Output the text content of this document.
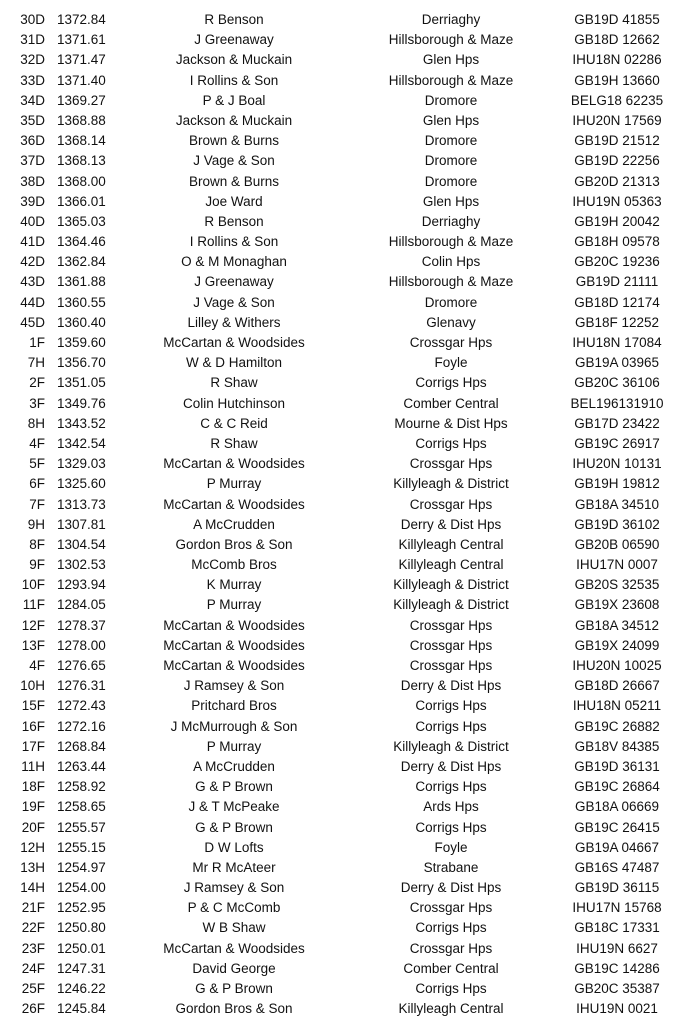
30D 1372.84	R Benson	Derriaghy	GB19D 41855
31D 1371.61	J Greenaway	Hillsborough & Maze	GB18D 12662
32D 1371.47	Jackson & Muckain	Glen Hps	IHU18N 02286
33D 1371.40	I Rollins & Son	Hillsborough & Maze	GB19H 13660
34D 1369.27	P & J Boal	Dromore	BELG18 62235
35D 1368.88	Jackson & Muckain	Glen Hps	IHU20N 17569
36D 1368.14	Brown & Burns	Dromore	GB19D 21512
37D 1368.13	J Vage & Son	Dromore	GB19D 22256
38D 1368.00	Brown & Burns	Dromore	GB20D 21313
39D 1366.01	Joe Ward	Glen Hps	IHU19N 05363
40D 1365.03	R Benson	Derriaghy	GB19H 20042
41D 1364.46	I Rollins & Son	Hillsborough & Maze	GB18H 09578
42D 1362.84	O & M Monaghan	Colin Hps	GB20C 19236
43D 1361.88	J Greenaway	Hillsborough & Maze	GB19D 21111
44D 1360.55	J Vage & Son	Dromore	GB18D 12174
45D 1360.40	Lilley & Withers	Glenavy	GB18F 12252
1F 1359.60	McCartan & Woodsides	Crossgar Hps	IHU18N 17084
7H 1356.70	W & D Hamilton	Foyle	GB19A 03965
2F 1351.05	R Shaw	Corrigs Hps	GB20C 36106
3F 1349.76	Colin Hutchinson	Comber Central	BEL196131910
8H 1343.52	C & C Reid	Mourne & Dist Hps	GB17D 23422
4F 1342.54	R Shaw	Corrigs Hps	GB19C 26917
5F 1329.03	McCartan & Woodsides	Crossgar Hps	IHU20N 10131
6F 1325.60	P Murray	Killyleagh & District	GB19H 19812
7F 1313.73	McCartan & Woodsides	Crossgar Hps	GB18A 34510
9H 1307.81	A McCrudden	Derry & Dist Hps	GB19D 36102
8F 1304.54	Gordon Bros & Son	Killyleagh Central	GB20B 06590
9F 1302.53	McComb Bros	Killyleagh Central	IHU17N 0007
10F 1293.94	K Murray	Killyleagh & District	GB20S 32535
11F 1284.05	P Murray	Killyleagh & District	GB19X 23608
12F 1278.37	McCartan & Woodsides	Crossgar Hps	GB18A 34512
13F 1278.00	McCartan & Woodsides	Crossgar Hps	GB19X 24099
4F 1276.65	McCartan & Woodsides	Crossgar Hps	IHU20N 10025
10H 1276.31	J Ramsey & Son	Derry & Dist Hps	GB18D 26667
15F 1272.43	Pritchard Bros	Corrigs Hps	IHU18N 05211
16F 1272.16	J McMurrough & Son	Corrigs Hps	GB19C 26882
17F 1268.84	P Murray	Killyleagh & District	GB18V 84385
11H 1263.44	A McCrudden	Derry & Dist Hps	GB19D 36131
18F 1258.92	G & P Brown	Corrigs Hps	GB19C 26864
19F 1258.65	J & T McPeake	Ards Hps	GB18A 06669
20F 1255.57	G & P Brown	Corrigs Hps	GB19C 26415
12H 1255.15	D W Lofts	Foyle	GB19A 04667
13H 1254.97	Mr R McAteer	Strabane	GB16S 47487
14H 1254.00	J Ramsey & Son	Derry & Dist Hps	GB19D 36115
21F 1252.95	P & C McComb	Crossgar Hps	IHU17N 15768
22F 1250.80	W B Shaw	Corrigs Hps	GB18C 17331
23F 1250.01	McCartan & Woodsides	Crossgar Hps	IHU19N 6627
24F 1247.31	David George	Comber Central	GB19C 14286
25F 1246.22	G & P Brown	Corrigs Hps	GB20C 35387
26F 1245.84	Gordon Bros & Son	Killyleagh Central	IHU19N 0021
